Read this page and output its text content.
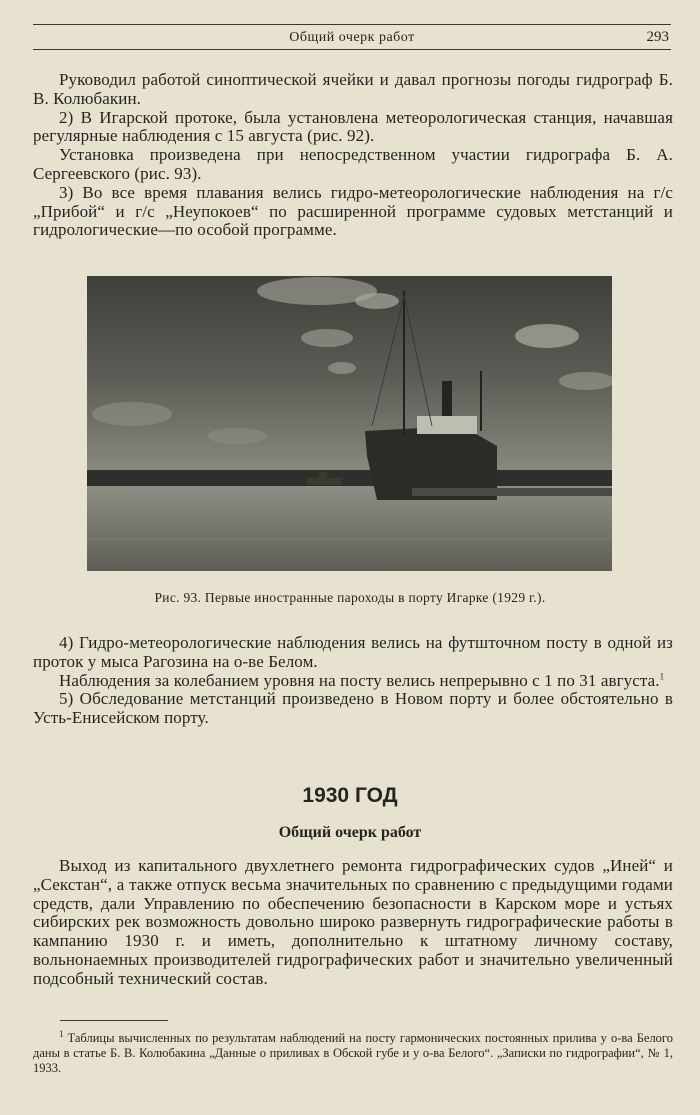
Общий очерк работ	293

Руководил работой синоптической ячейки и давал прогнозы погоды гидрограф Б. В. Колюбакин.

2) В Игарской протоке, была установлена метеорологическая станция, начавшая регулярные наблюдения с 15 августа (рис. 92).

Установка произведена при непосредственном участии гидрографа Б. А. Сергеевского (рис. 93).

3) Во все время плавания велись гидро-метеорологические наблюдения на г/с „Прибой“ и г/с „Неупокоев“ по расширенной программе судовых метстанций и гидрологические—по особой программе.

Рис. 93. Первые иностранные пароходы в порту Игарке (1929 г.).

4) Гидро-метеорологические наблюдения велись на футшточном посту в одной из проток у мыса Рагозина на о-ве Белом.

Наблюдения за колебанием уровня на посту велись непрерывно с 1 по 31 августа.$^1$

5) Обследование метстанций произведено в Новом порту и более обстоятельно в Усть-Енисейском порту.

1930 ГОД
Общий очерк работ

Выход из капитального двухлетнего ремонта гидрографических судов „Иней“ и „Секстан“, а также отпуск весьма значительных по сравнению с предыдущими годами средств, дали Управлению по обеспечению безопасности в Карском море и устьях сибирских рек возможность довольно широко развернуть гидрографические работы в кампанию 1930 г. и иметь, дополнительно к штатному личному составу, вольнонаемных производителей гидрографических работ и значительно увеличенный подсобный технический состав.

$^1$ Таблицы вычисленных по результатам наблюдений на посту гармонических постоянных прилива у о-ва Белого даны в статье Б. В. Колюбакина „Данные о приливах в Обской губе и у о-ва Белого“. „Записки по гидрографии“, № 1, 1933.
